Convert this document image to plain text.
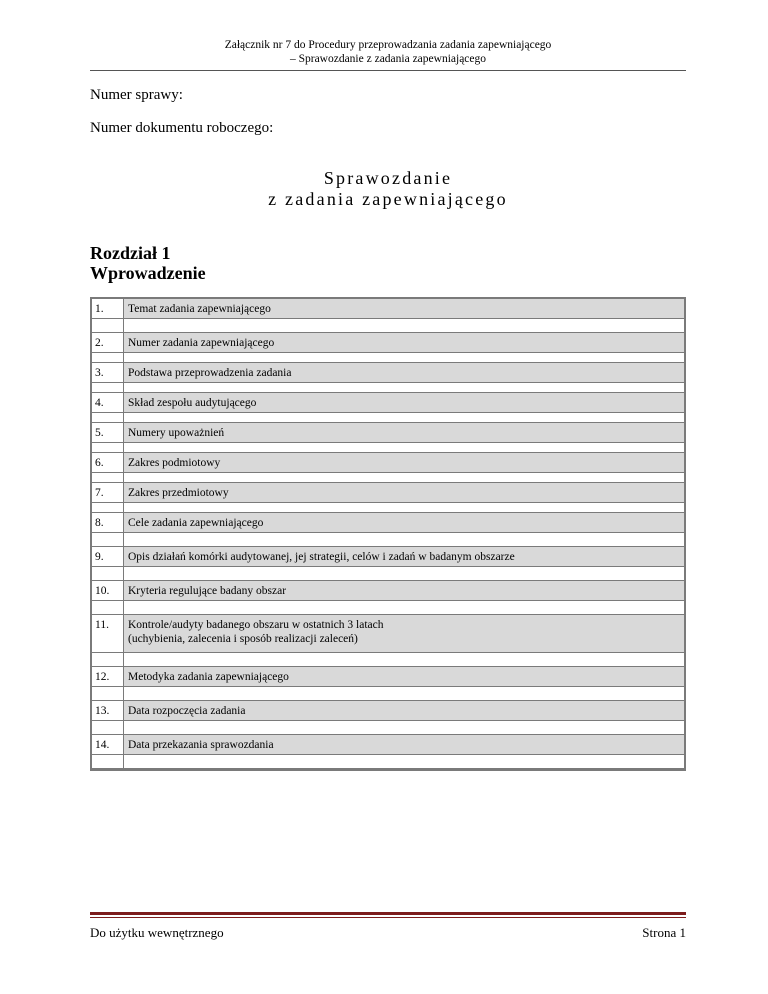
Załącznik nr 7 do Procedury przeprowadzania zadania zapewniającego
– Sprawozdanie z zadania zapewniającego
Numer sprawy:
Numer dokumentu roboczego:
Sprawozdanie
z zadania zapewniającego
Rozdział 1
Wprowadzenie
1.	Temat zadania zapewniającego

2.	Numer zadania zapewniającego

3.	Podstawa przeprowadzenia zadania

4.	Skład zespołu audytującego

5.	Numery upoważnień

6.	Zakres podmiotowy

7.	Zakres przedmiotowy

8.	Cele zadania zapewniającego

9.	Opis działań komórki audytowanej, jej strategii, celów i zadań w badanym obszarze

10.	Kryteria regulujące badany obszar

11.	Kontrole/audyty badanego obszaru w ostatnich 3 latach
(uchybienia, zalecenia i sposób realizacji zaleceń)

12.	Metodyka zadania zapewniającego

13.	Data rozpoczęcia zadania

14.	Data przekazania sprawozdania

Do użytku wewnętrznego	Strona 1
